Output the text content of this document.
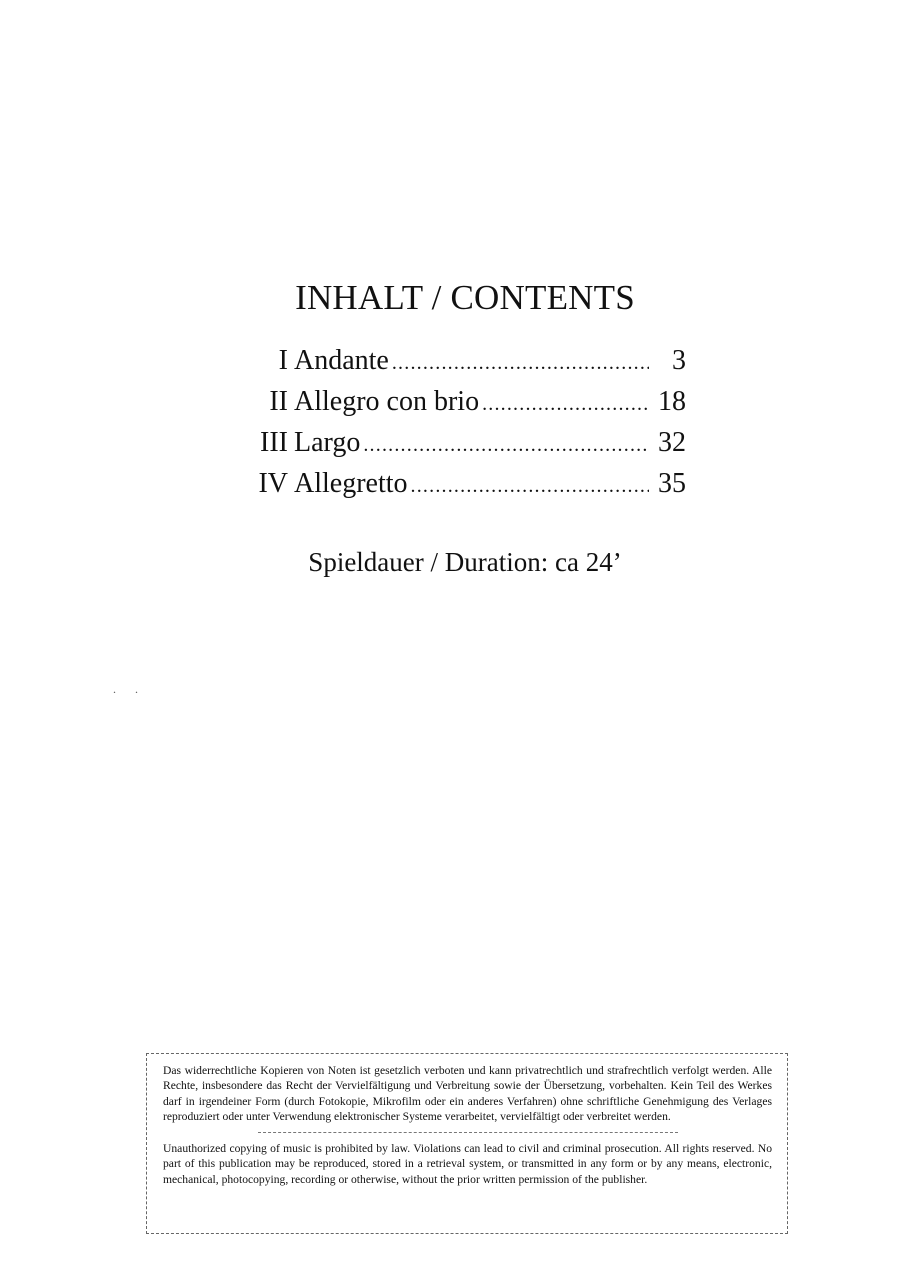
INHALT / CONTENTS
I Andante .....	3
II Allegro con brio .....	18
III Largo .....	32
IV Allegretto .....	35

Spieldauer / Duration: ca 24’

. .

Das widerrechtliche Kopieren von Noten ist gesetzlich verboten und kann privatrechtlich und strafrechtlich verfolgt werden. Alle Rechte, insbesondere das Recht der Vervielfältigung und Verbreitung sowie der Übersetzung, vorbehalten. Kein Teil des Werkes darf in irgendeiner Form (durch Fotokopie, Mikrofilm oder ein anderes Verfahren) ohne schriftliche Genehmigung des Verlages reproduziert oder unter Verwendung elektronischer Systeme verarbeitet, vervielfältigt oder verbreitet werden.

Unauthorized copying of music is prohibited by law. Violations can lead to civil and criminal prosecution. All rights reserved. No part of this publication may be reproduced, stored in a retrieval system, or transmitted in any form or by any means, electronic, mechanical, photocopying, recording or otherwise, without the prior written permission of the publisher.
